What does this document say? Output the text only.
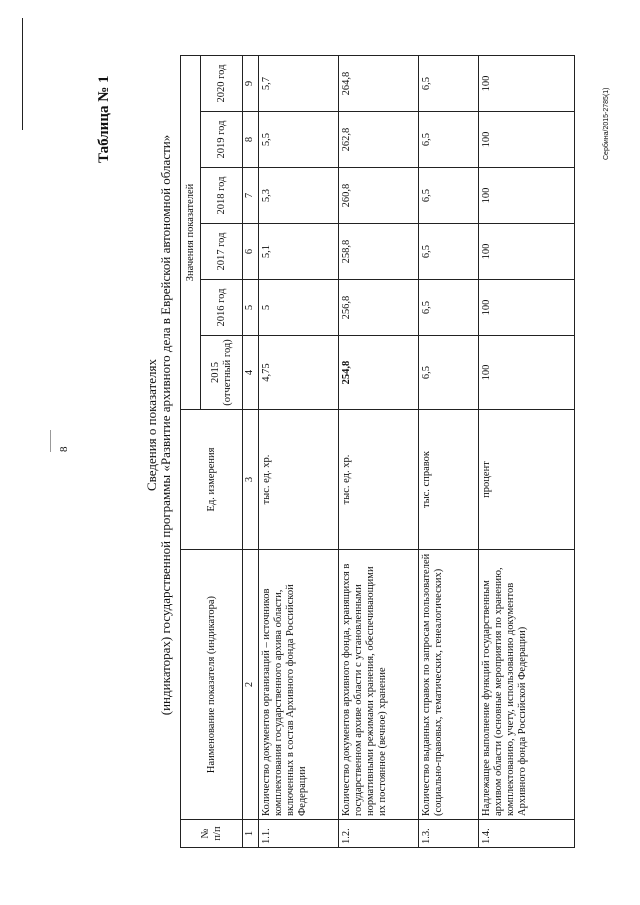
8
Таблица № 1
Сведения о показателях (индикаторах) государственной программы «Развитие архивного дела в Еврейской автономной области»
№ п/п	Наименование показателя (индикатора)	Ед. измерения	Значения показателей					
			2015 (отчетный год)	2016 год	2017 год	2018 год	2019 год	2020 год
1	2	3	4	5	6	7	8	9
1.1.	Количество документов организаций – источников комплектования государственного архива области, включенных в состав Архивного фонда Российской Федерации	тыс. ед. хр.	4,75	5	5,1	5,3	5,5	5,7
1.2.	Количество документов архивного фонда, хранящихся в государственном архиве области с установленными нормативными режимами хранения, обеспечивающими их постоянное (вечное) хранение	тыс. ед. хр.	254,8	256,8	258,8	260,8	262,8	264,8
1.3.	Количество выданных справок по запросам пользователей (социально-правовых, тематических, генеалогических)	тыс. справок	6,5	6,5	6,5	6,5	6,5	6,5
1.4.	Надлежащее выполнение функций государственным архивом области (основные мероприятия по хранению, комплектованию, учету, использованию документов Архивного фонда Российской Федерации)	процент	100	100	100	100	100	100
Сербина/2015-2785(1)
